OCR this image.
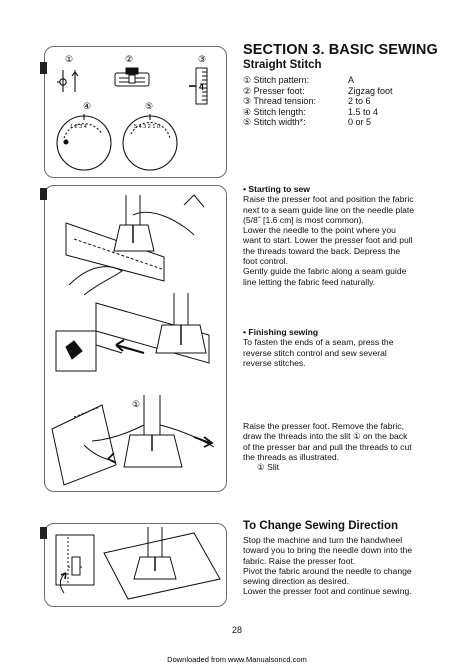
①	②	③
④	⑤
4
1 2 3 4	5 4 3 2 1 0
SECTION 3. BASIC SEWING
Straight Stitch
① Stitch pattern:	A
② Presser foot:	Zigzag foot
③ Thread tension:	2 to 6
④ Stitch length:	1.5 to 4
⑤ Stitch width*:	0 or 5
①

• Starting to sew

Raise the presser foot and position the fabric

next to a seam guide line on the needle plate

(5/8˝ [1.6 cm] is most common).

Lower the needle to the point where you

want to start. Lower the presser foot and pull

the threads toward the back. Depress the

foot control.

Gently guide the fabric along a seam guide

line letting the fabric feed naturally.

• Finishing sewing

To fasten the ends of a seam, press the

reverse stitch control and sew several

reverse stitches.

Raise the presser foot. Remove the fabric,

draw the threads into the slit ① on the back

of the presser bar and pull the threads to cut

the threads as illustrated.

① Slit

To Change Sewing Direction

Stop the machine and turn the handwheel

toward you to bring the needle down into the

fabric. Raise the presser foot.

Pivot the fabric around the needle to change

sewing direction as desired.

Lower the presser foot and continue sewing.

28
Downloaded from www.Manualsoncd.com
